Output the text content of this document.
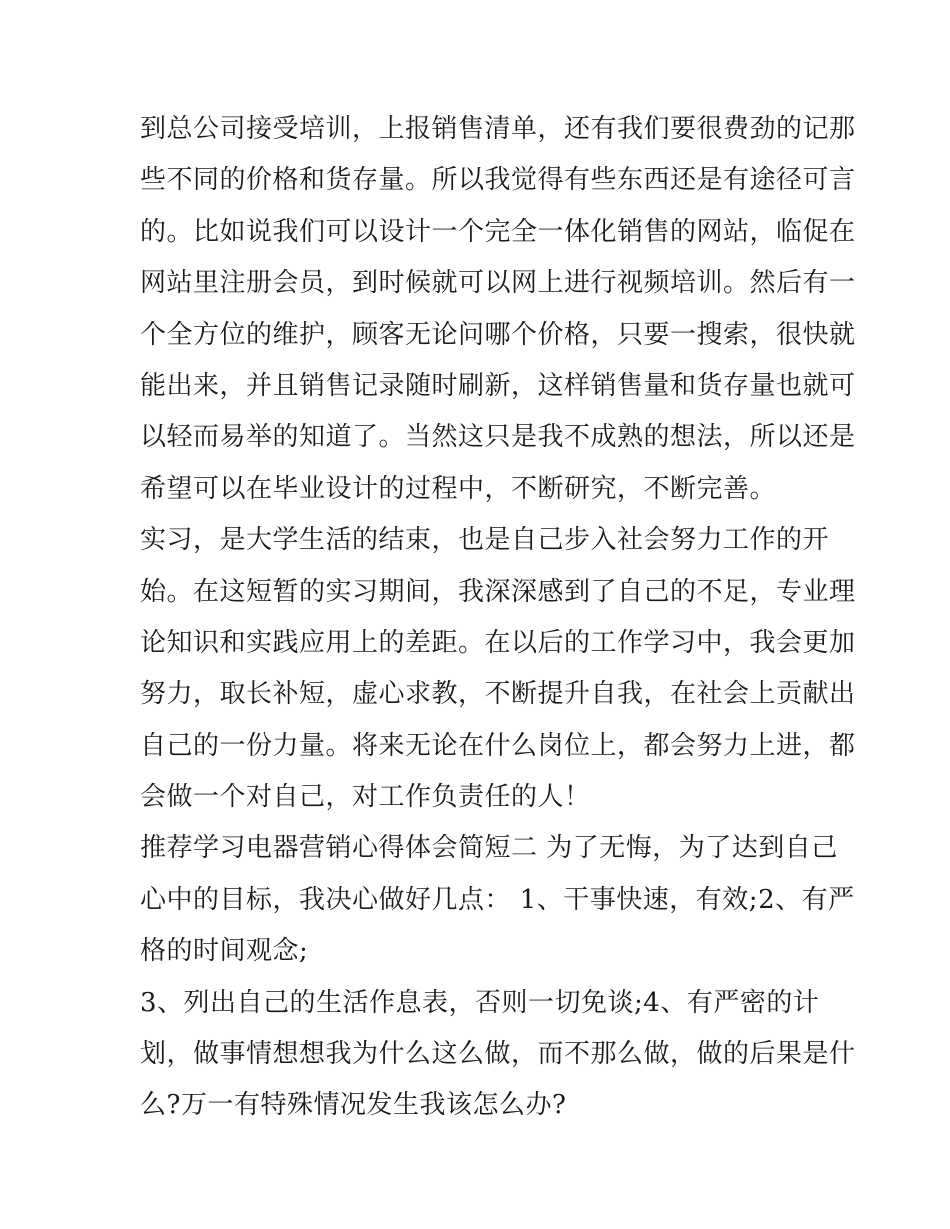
到总公司接受培训，上报销售清单，还有我们要很费劲的记那
些不同的价格和货存量。所以我觉得有些东西还是有途径可言
的。比如说我们可以设计一个完全一体化销售的网站，临促在
网站里注册会员，到时候就可以网上进行视频培训。然后有一
个全方位的维护，顾客无论问哪个价格，只要一搜索，很快就
能出来，并且销售记录随时刷新，这样销售量和货存量也就可
以轻而易举的知道了。当然这只是我不成熟的想法，所以还是
希望可以在毕业设计的过程中，不断研究，不断完善。
实习，是大学生活的结束，也是自己步入社会努力工作的开
始。在这短暂的实习期间，我深深感到了自己的不足，专业理
论知识和实践应用上的差距。在以后的工作学习中，我会更加
努力，取长补短，虚心求教，不断提升自我，在社会上贡献出
自己的一份力量。将来无论在什么岗位上，都会努力上进，都
会做一个对自己，对工作负责任的人！
推荐学习电器营销心得体会简短二 为了无悔，为了达到自己
心中的目标，我决心做好几点： 1、干事快速，有效;2、有严
格的时间观念;
3、列出自己的生活作息表，否则一切免谈;4、有严密的计
划，做事情想想我为什么这么做，而不那么做，做的后果是什
么?万一有特殊情况发生我该怎么办?
